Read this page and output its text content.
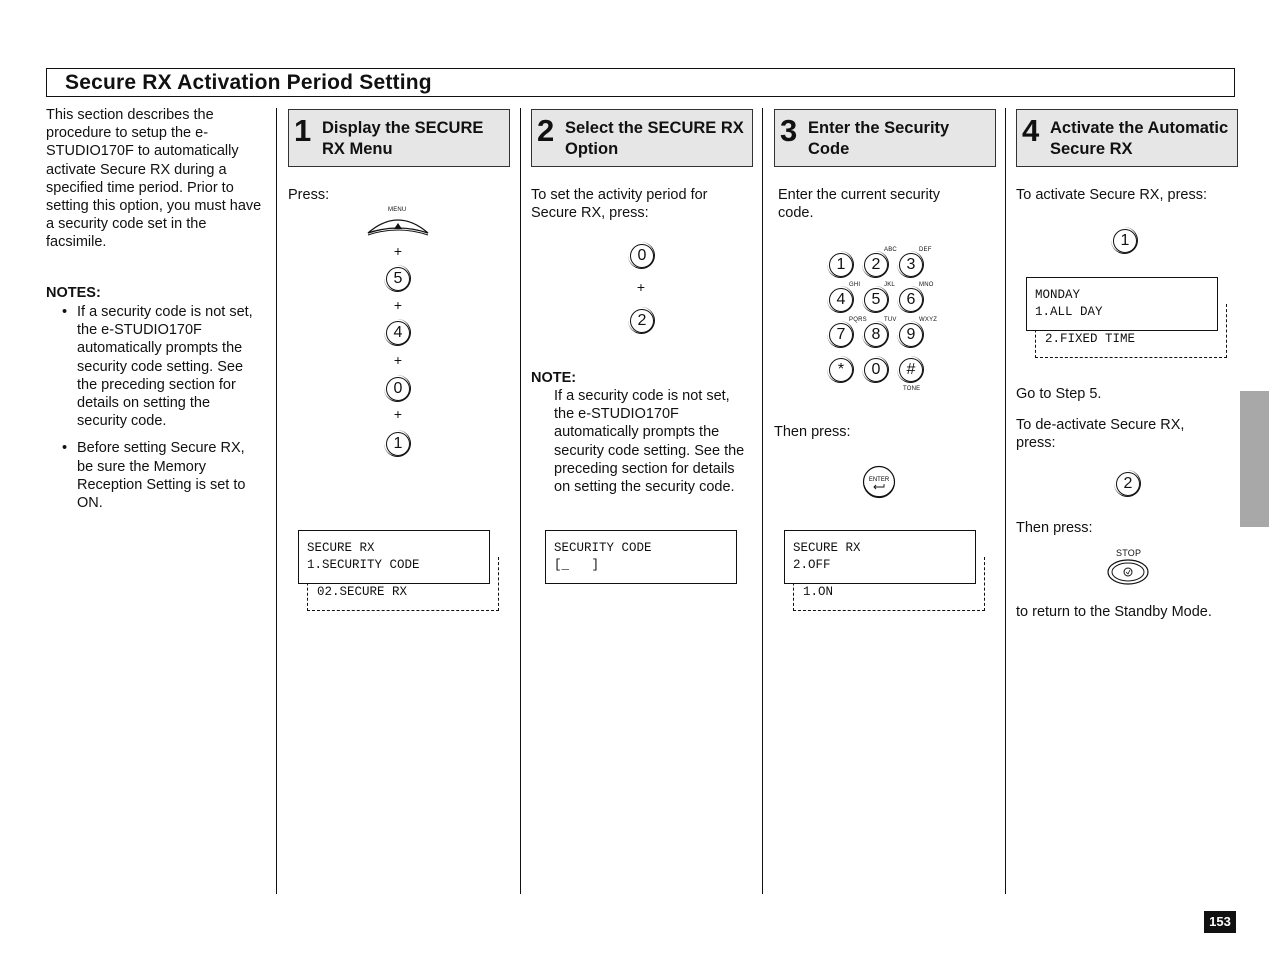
Secure RX Activation Period Setting
This section describes the procedure to setup the e-STUDIO170F to automatically activate Secure RX during a specified time period. Prior to setting this option, you must have a security code set in the facsimile.
NOTES:
• If a security code is not set, the e-STUDIO170F automatically prompts the security code setting. See the preceding section for details on setting the security code.
• Before setting Secure RX, be sure the Memory Reception Setting is set to ON.
1 Display the SECURE RX Menu
Press:
MENU
+
5
+
4
+
0
+
1
SECURE RX
1.SECURITY CODE
02.SECURE RX
2 Select the SECURE RX Option
To set the activity period for Secure RX, press:
0
+
2
NOTE:
If a security code is not set, the e-STUDIO170F automatically prompts the security code setting. See the preceding section for details on setting the security code.
SECURITY CODE
[_   ]
3 Enter the Security Code
Enter the current security code.
1	2	3
4	5	6
7	8	9
*	0	#
ABC	DEF
GHI	JKL	MNO
PQRS	TUV	WXYZ
TONE
Then press:
ENTER
SECURE RX
2.OFF
1.ON
4 Activate the Automatic Secure RX
To activate Secure RX, press:
1
MONDAY
1.ALL DAY
2.FIXED TIME
Go to Step 5.
To de-activate Secure RX, press:
2
Then press:
STOP
to return to the Standby Mode.
153
